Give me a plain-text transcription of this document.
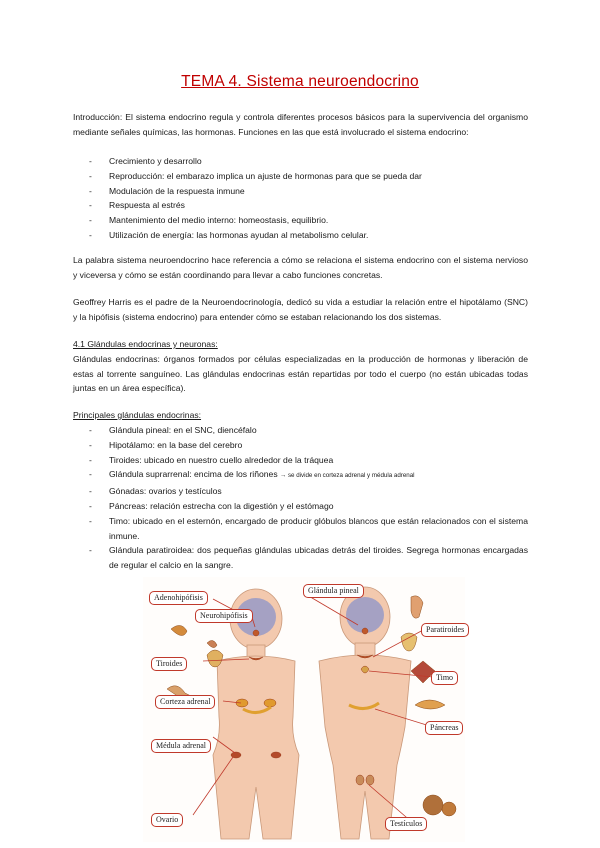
TEMA 4. Sistema neuroendocrino

Introducción: El sistema endocrino regula y controla diferentes procesos básicos para la supervivencia del organismo mediante señales químicas, las hormonas. Funciones en las que está involucrado el sistema endocrino:

- Crecimiento y desarrollo
- Reproducción: el embarazo implica un ajuste de hormonas para que se pueda dar
- Modulación de la respuesta inmune
- Respuesta al estrés
- Mantenimiento del medio interno: homeostasis, equilibrio.
- Utilización de energía: las hormonas ayudan al metabolismo celular.

La palabra sistema neuroendocrino hace referencia a cómo se relaciona el sistema endocrino con el sistema nervioso y viceversa y cómo se están coordinando para llevar a cabo funciones concretas.

Geoffrey Harris es el padre de la Neuroendocrinología, dedicó su vida a estudiar la relación entre el hipotálamo (SNC) y la hipófisis (sistema endocrino) para entender cómo se estaban relacionando los dos sistemas.

4.1 Glándulas endocrinas y neuronas:

Glándulas endocrinas: órganos formados por células especializadas en la producción de hormonas y liberación de estas al torrente sanguíneo. Las glándulas endocrinas están repartidas por todo el cuerpo (no están ubicadas todas juntas en un área específica).

Principales glándulas endocrinas:

- Glándula pineal: en el SNC, diencéfalo
- Hipotálamo: en la base del cerebro
- Tiroides: ubicado en nuestro cuello alrededor de la tráquea
- Glándula suprarrenal: encima de los riñones → se divide en corteza adrenal y médula adrenal
- Gónadas: ovarios y testículos
- Páncreas: relación estrecha con la digestión y el estómago
- Timo: ubicado en el esternón, encargado de producir glóbulos blancos que están relacionados con el sistema inmune.
- Glándula paratiroidea: dos pequeñas glándulas ubicadas detrás del tiroides. Segrega hormonas encargadas de regular el calcio en la sangre.
Adenohipófisis
Neurohipófisis
Glándula pineal
Tiroides
Paratiroides
Timo
Corteza adrenal
Médula adrenal
Páncreas
Ovario	Testículos
